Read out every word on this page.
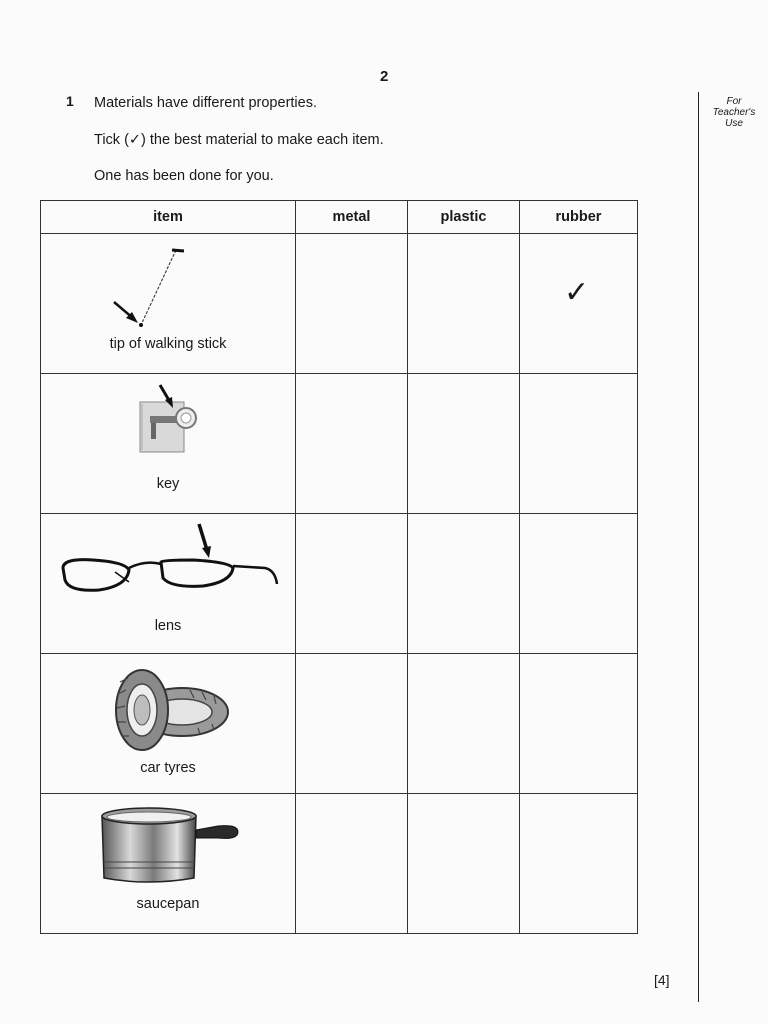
2
1 Materials have different properties.
Tick (✓) the best material to make each item.
One has been done for you.
For Teacher's Use
item	metal	plastic	rubber

tip of walking stick			✓

key			

lens			

car tyres			

saucepan			

[4]
